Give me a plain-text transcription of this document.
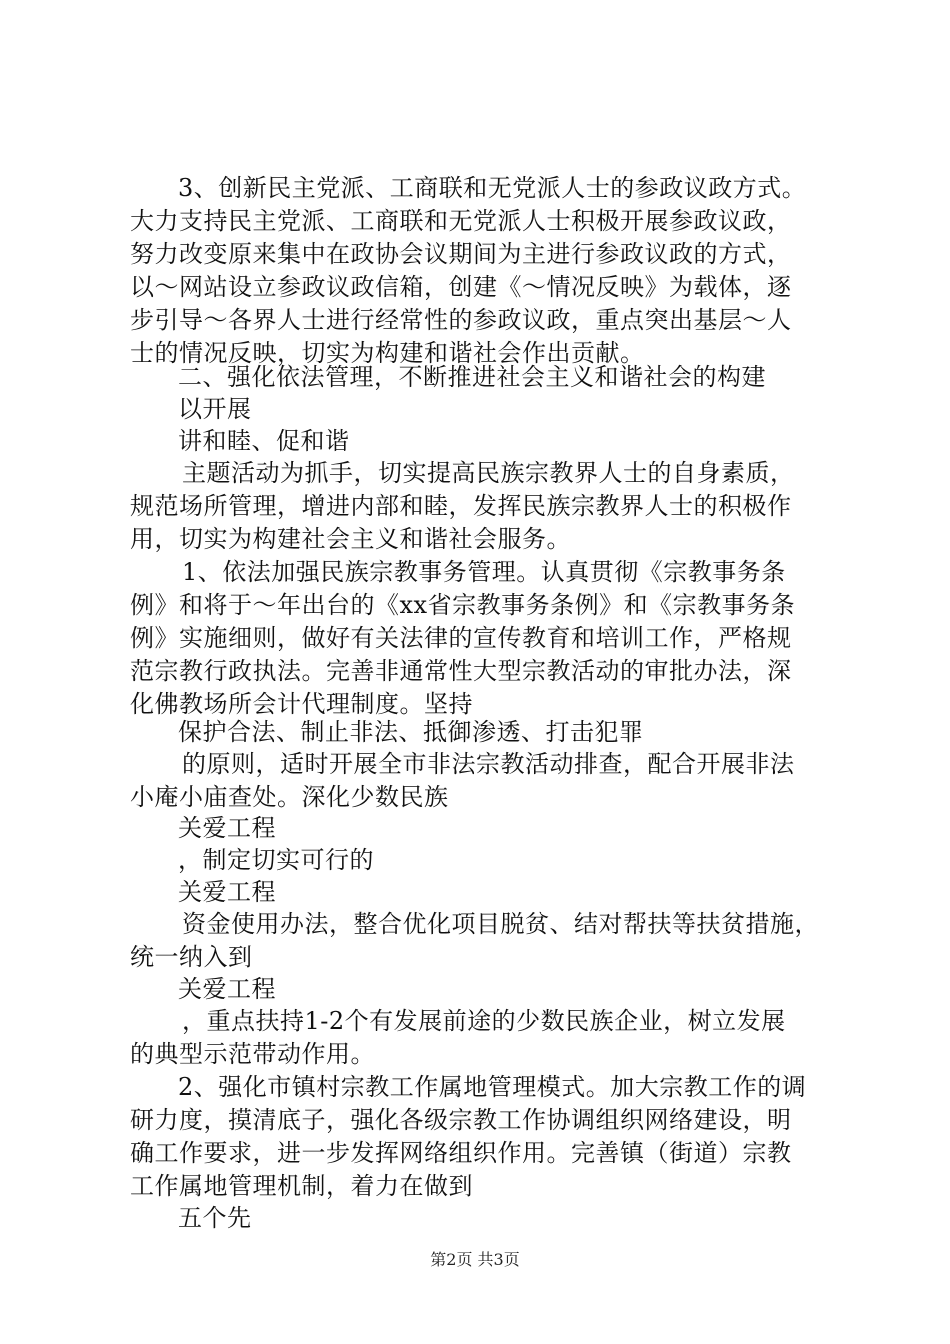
3、创新民主党派、工商联和无党派人士的参政议政方式。
大力支持民主党派、工商联和无党派人士积极开展参政议政，
努力改变原来集中在政协会议期间为主进行参政议政的方式，
以～网站设立参政议政信箱，创建《～情况反映》为载体，逐
步引导～各界人士进行经常性的参政议政，重点突出基层～人
士的情况反映，切实为构建和谐社会作出贡献。
二、强化依法管理，不断推进社会主义和谐社会的构建
以开展
讲和睦、促和谐
主题活动为抓手，切实提高民族宗教界人士的自身素质，
规范场所管理，增进内部和睦，发挥民族宗教界人士的积极作
用，切实为构建社会主义和谐社会服务。
1、依法加强民族宗教事务管理。认真贯彻《宗教事务条
例》和将于～年出台的《xx省宗教事务条例》和《宗教事务条
例》实施细则，做好有关法律的宣传教育和培训工作，严格规
范宗教行政执法。完善非通常性大型宗教活动的审批办法，深
化佛教场所会计代理制度。坚持
保护合法、制止非法、抵御渗透、打击犯罪
的原则，适时开展全市非法宗教活动排查，配合开展非法
小庵小庙查处。深化少数民族
关爱工程
，制定切实可行的
关爱工程
资金使用办法，整合优化项目脱贫、结对帮扶等扶贫措施，
统一纳入到
关爱工程
，重点扶持1-2个有发展前途的少数民族企业，树立发展
的典型示范带动作用。
2、强化市镇村宗教工作属地管理模式。加大宗教工作的调
研力度，摸清底子，强化各级宗教工作协调组织网络建设，明
确工作要求，进一步发挥网络组织作用。完善镇（街道）宗教
工作属地管理机制，着力在做到
五个先
第2页 共3页
